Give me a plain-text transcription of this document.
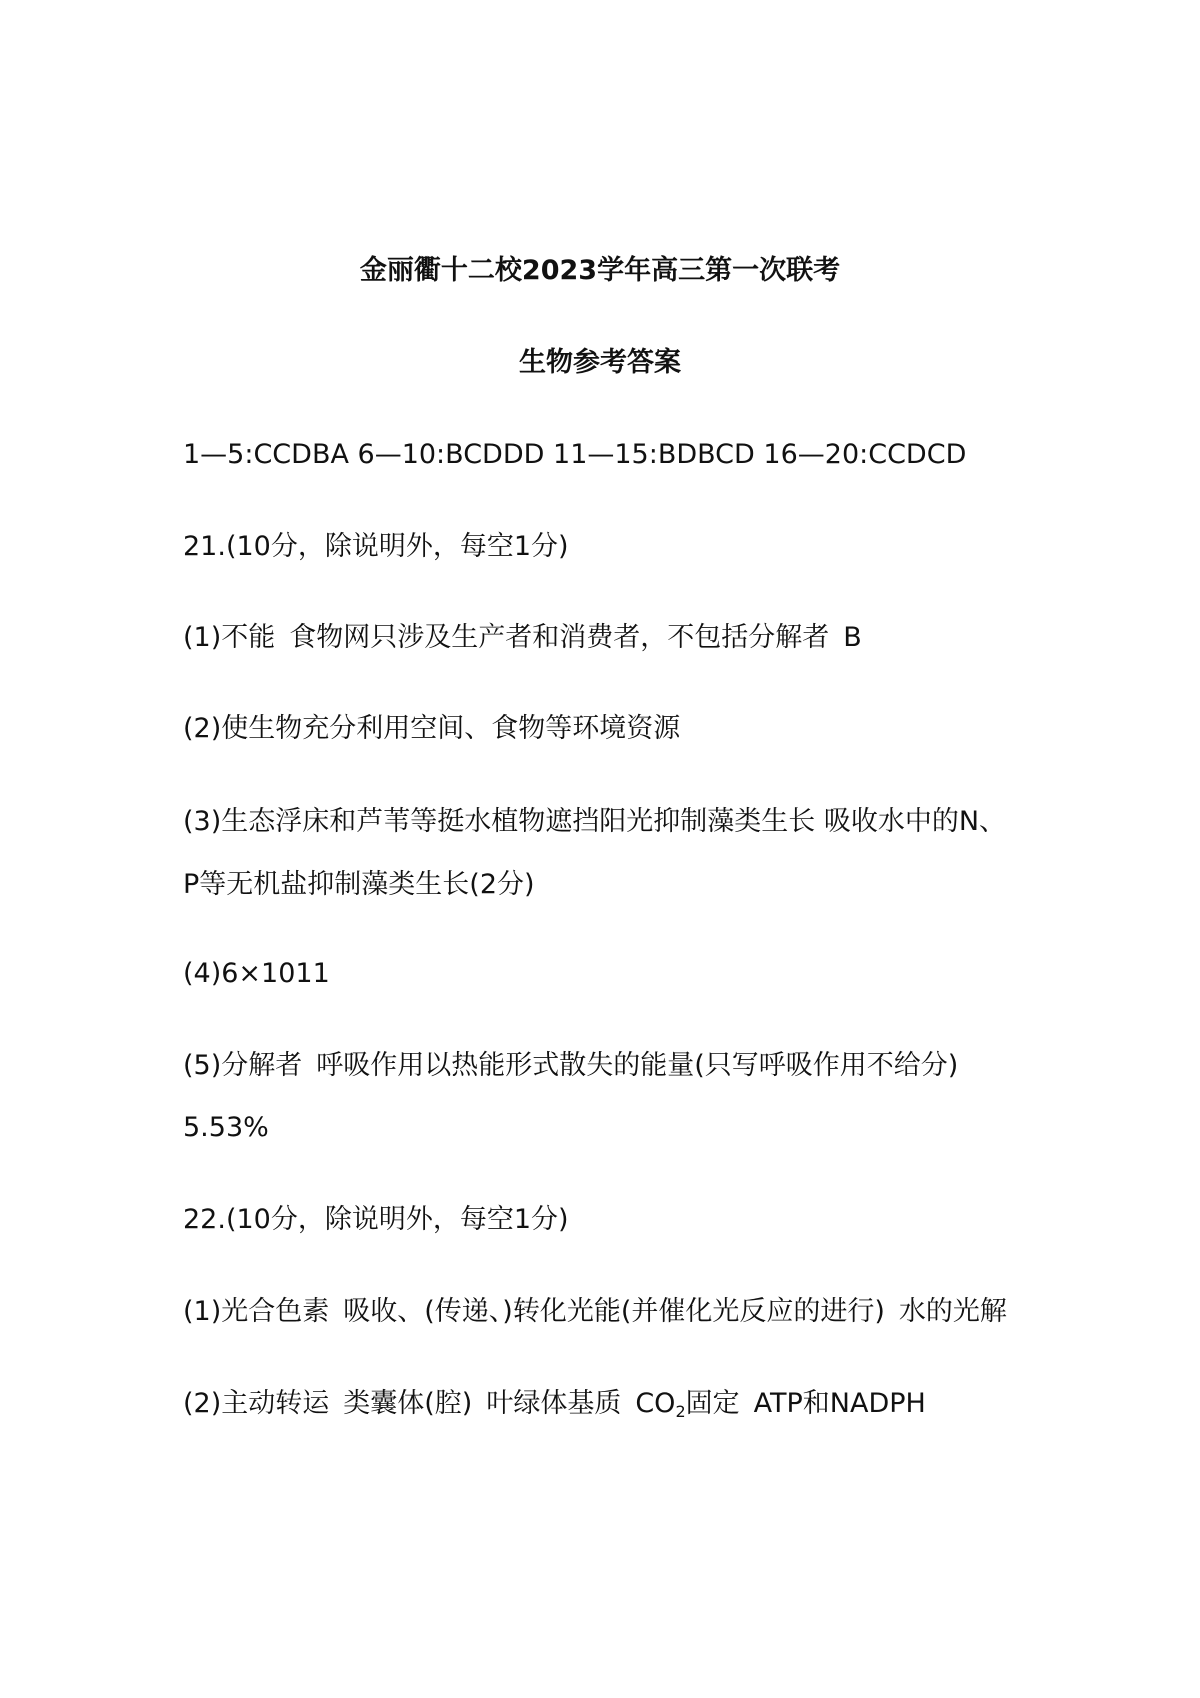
金丽衢十二校2023学年高三第一次联考
生物参考答案
1—5:CCDBA 6—10:BCDDD 11—15:BDBCD 16—20:CCDCD
21.(10分，除说明外，每空1分)
(1)不能 食物网只涉及生产者和消费者，不包括分解者 B
(2)使生物充分利用空间、食物等环境资源
(3)生态浮床和芦苇等挺水植物遮挡阳光抑制藻类生长 吸收水中的N、
P等无机盐抑制藻类生长(2分)
(4)6×1011
(5)分解者 呼吸作用以热能形式散失的能量(只写呼吸作用不给分)
5.53%
22.(10分，除说明外，每空1分)
(1)光合色素 吸收、(传递、)转化光能(并催化光反应的进行) 水的光解
(2)主动转运 类囊体(腔) 叶绿体基质 $CO_2$固定 ATP和NADPH
